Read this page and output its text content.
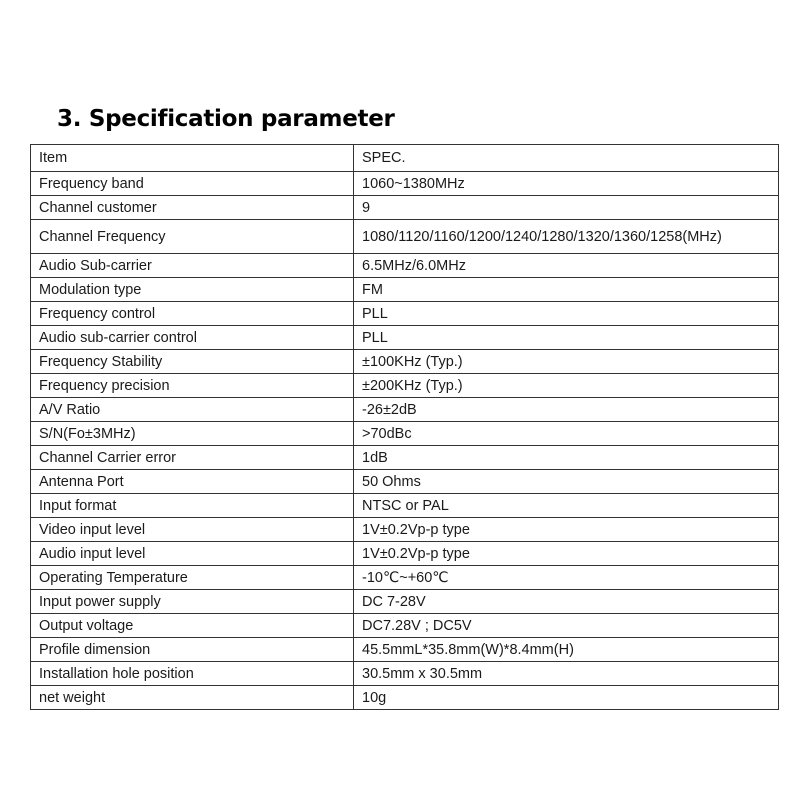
3. Specification parameter
Item	SPEC.
Frequency band	1060~1380MHz
Channel customer	9
Channel Frequency	1080/1120/1160/1200/1240/1280/1320/1360/1258(MHz)
Audio Sub-carrier	6.5MHz/6.0MHz
Modulation type	FM
Frequency control	PLL
Audio sub-carrier control	PLL
Frequency Stability	±100KHz (Typ.)
Frequency precision	±200KHz (Typ.)
A/V Ratio	-26±2dB
S/N(Fo±3MHz)	>70dBc
Channel Carrier error	1dB
Antenna Port	50 Ohms
Input format	NTSC or PAL
Video input level	1V±0.2Vp-p type
Audio input level	1V±0.2Vp-p type
Operating Temperature	-10℃~+60℃
Input power supply	DC 7-28V
Output voltage	DC7.28V ; DC5V
Profile dimension	45.5mmL*35.8mm(W)*8.4mm(H)
Installation hole position	30.5mm x 30.5mm
net weight	10g
